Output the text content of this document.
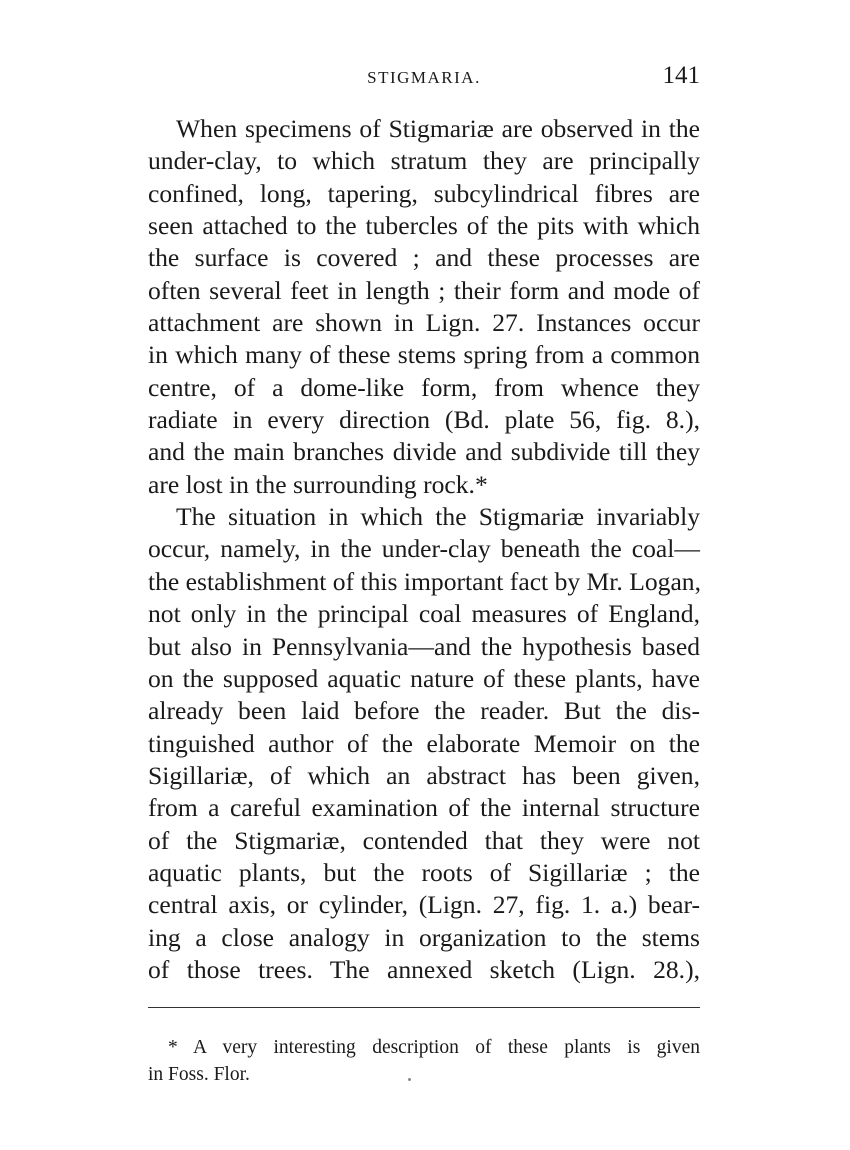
STIGMARIA.	141
When specimens of Stigmariæ are observed in the
under-clay, to which stratum they are principally
confined, long, tapering, subcylindrical fibres are
seen attached to the tubercles of the pits with which
the surface is covered ; and these processes are
often several feet in length ; their form and mode of
attachment are shown in Lign. 27. Instances occur
in which many of these stems spring from a common
centre, of a dome-like form, from whence they
radiate in every direction (Bd. plate 56, fig. 8.),
and the main branches divide and subdivide till they
are lost in the surrounding rock.*
The situation in which the Stigmariæ invariably
occur, namely, in the under-clay beneath the coal—
the establishment of this important fact by Mr. Logan,
not only in the principal coal measures of England,
but also in Pennsylvania—and the hypothesis based
on the supposed aquatic nature of these plants, have
already been laid before the reader. But the dis-
tinguished author of the elaborate Memoir on the
Sigillariæ, of which an abstract has been given,
from a careful examination of the internal structure
of the Stigmariæ, contended that they were not
aquatic plants, but the roots of Sigillariæ ; the
central axis, or cylinder, (Lign. 27, fig. 1. a.) bear-
ing a close analogy in organization to the stems
of those trees. The annexed sketch (Lign. 28.),
* A very interesting description of these plants is given
in Foss. Flor.
